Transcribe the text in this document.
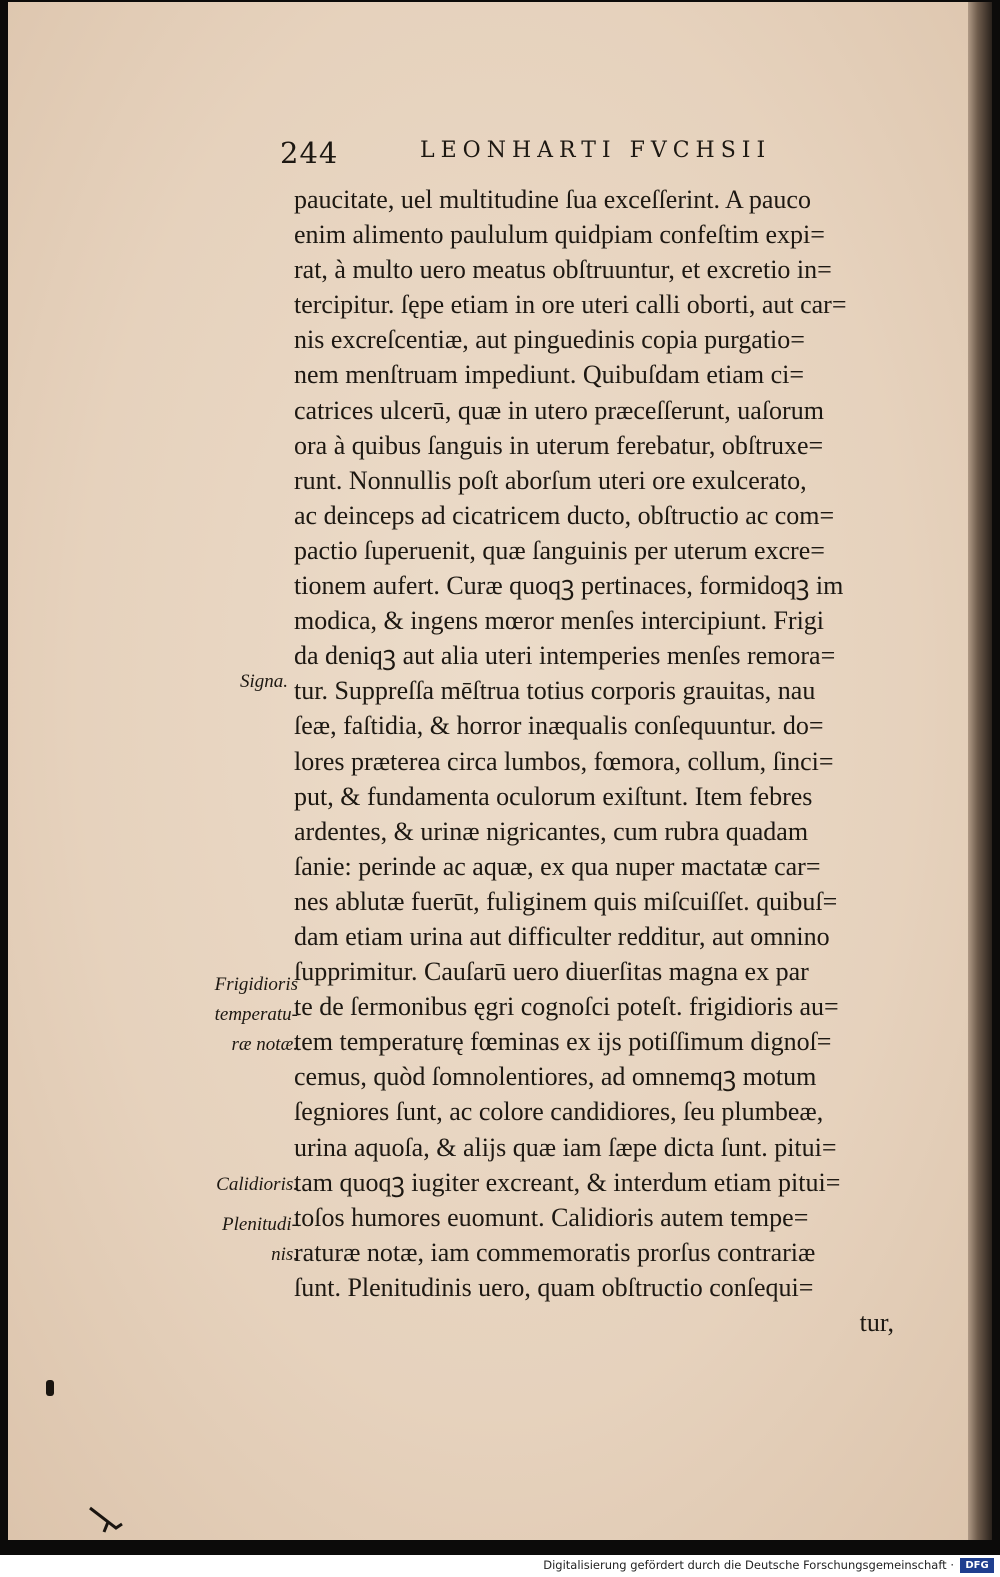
244	LEONHARTI FVCHSII
paucitate, uel multitudine ſua exceſſerint. A pauco
enim alimento paululum quidpiam confeſtim expi=
rat, à multo uero meatus obſtruuntur, et excretio in=
tercipitur. ſępe etiam in ore uteri calli oborti, aut car=
nis excreſcentiæ, aut pinguedinis copia purgatio=
nem menſtruam impediunt. Quibuſdam etiam ci=
catrices ulcerū, quæ in utero præceſſerunt, uaſorum
ora à quibus ſanguis in uterum ferebatur, obſtruxe=
runt. Nonnullis poſt aborſum uteri ore exulcerato,
ac deinceps ad cicatricem ducto, obſtructio ac com=
pactio ſuperuenit, quæ ſanguinis per uterum excre=
tionem aufert. Curæ quoqꝫ pertinaces, formidoqꝫ im
modica, & ingens mœror menſes intercipiunt. Frigi
da deniqꝫ aut alia uteri intemperies menſes remora=
tur. Suppreſſa mēſtrua totius corporis grauitas, nau
ſeæ, faſtidia, & horror inæqualis conſequuntur. do=
lores præterea circa lumbos, fœmora, collum, ſinci=
put, & fundamenta oculorum exiſtunt. Item febres
ardentes, & urinæ nigricantes, cum rubra quadam
ſanie: perinde ac aquæ, ex qua nuper mactatæ car=
nes ablutæ fuerūt, fuliginem quis miſcuiſſet. quibuſ=
dam etiam urina aut difficulter redditur, aut omnino
ſupprimitur. Cauſarū uero diuerſitas magna ex par
te de ſermonibus ęgri cognoſci poteſt. frigidioris au=
tem temperaturę fœminas ex ijs potiſſimum dignoſ=
cemus, quòd ſomnolentiores, ad omnemqꝫ motum
ſegniores ſunt, ac colore candidiores, ſeu plumbeæ,
urina aquoſa, & alijs quæ iam ſæpe dicta ſunt. pitui=
tam quoqꝫ iugiter excreant, & interdum etiam pitui=
toſos humores euomunt. Calidioris autem tempe=
raturæ notæ, iam commemoratis prorſus contrariæ
ſunt. Plenitudinis uero, quam obſtructio conſequi=
tur,
Signa.
Frigidioris
temperatu-
ræ notæ.
Calidioris.
Plenitudi-
nis.
Digitalisierung gefördert durch die Deutsche Forschungsgemeinschaft ·	DFG
